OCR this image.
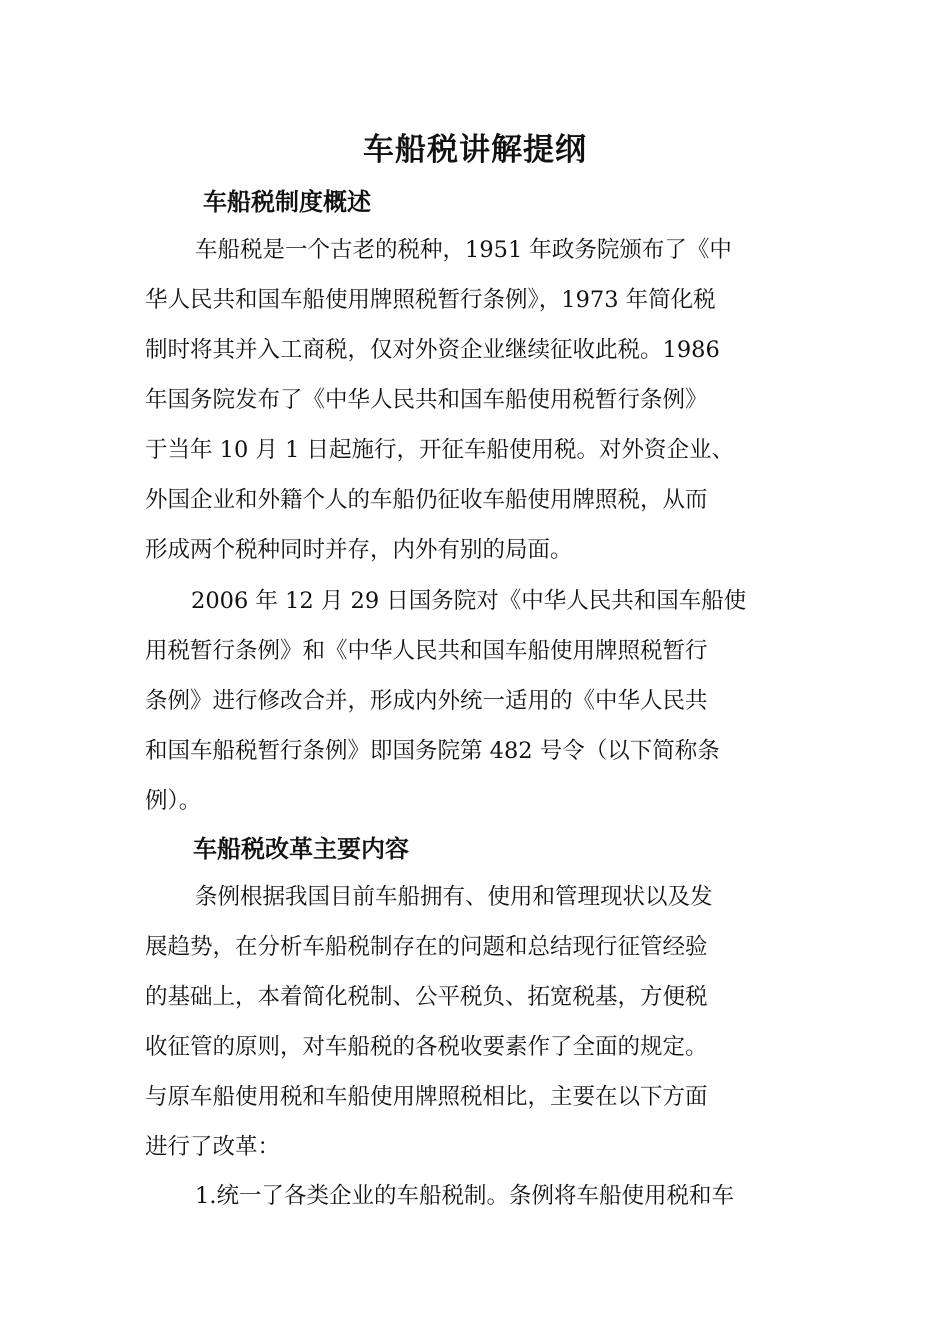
车船税讲解提纲
车船税制度概述
车船税是一个古老的税种，1951 年政务院颁布了《中
华人民共和国车船使用牌照税暂行条例》，1973 年简化税
制时将其并入工商税，仅对外资企业继续征收此税。1986
年国务院发布了《中华人民共和国车船使用税暂行条例》
于当年 10 月 1 日起施行，开征车船使用税。对外资企业、
外国企业和外籍个人的车船仍征收车船使用牌照税，从而
形成两个税种同时并存，内外有别的局面。
2006 年 12 月 29 日国务院对《中华人民共和国车船使
用税暂行条例》和《中华人民共和国车船使用牌照税暂行
条例》进行修改合并，形成内外统一适用的《中华人民共
和国车船税暂行条例》即国务院第 482 号令（以下简称条
例）。
车船税改革主要内容
条例根据我国目前车船拥有、使用和管理现状以及发
展趋势，在分析车船税制存在的问题和总结现行征管经验
的基础上，本着简化税制、公平税负、拓宽税基，方便税
收征管的原则，对车船税的各税收要素作了全面的规定。
与原车船使用税和车船使用牌照税相比，主要在以下方面
进行了改革：
1.统一了各类企业的车船税制。条例将车船使用税和车
